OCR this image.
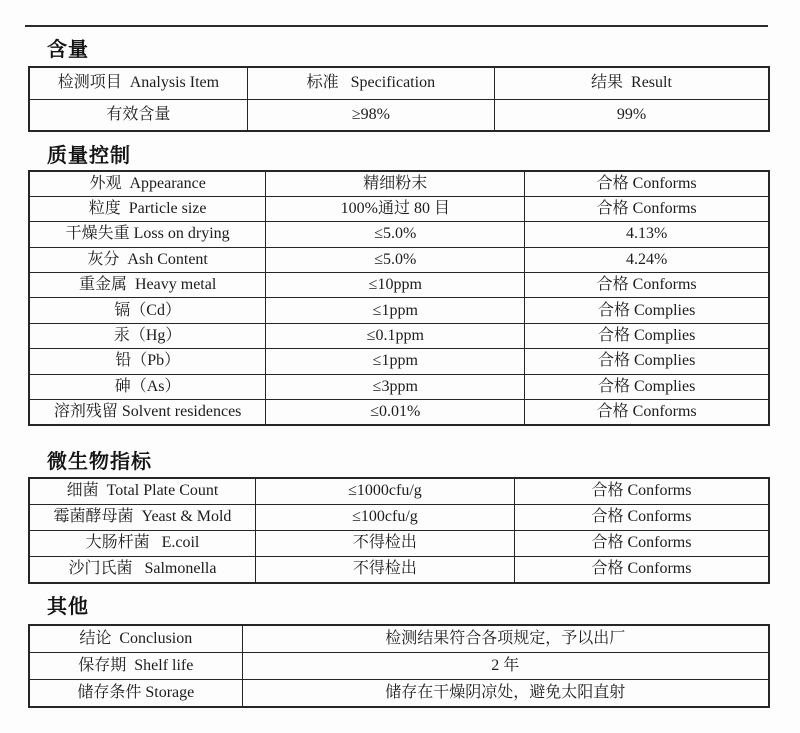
含量
检测项目  Analysis Item	标准   Specification	结果  Result
有效含量	≥98%	99%
质量控制
外观  Appearance	精细粉末	合格 Conforms
粒度  Particle size	100%通过 80 目	合格 Conforms
干燥失重 Loss on drying	≤5.0%	4.13%
灰分  Ash Content	≤5.0%	4.24%
重金属  Heavy metal	≤10ppm	合格 Conforms
镉（Cd）	≤1ppm	合格 Complies
汞（Hg）	≤0.1ppm	合格 Complies
铅（Pb）	≤1ppm	合格 Complies
砷（As）	≤3ppm	合格 Complies
溶剂残留 Solvent residences	≤0.01%	合格 Conforms
微生物指标
细菌  Total Plate Count	≤1000cfu/g	合格 Conforms
霉菌酵母菌  Yeast & Mold	≤100cfu/g	合格 Conforms
大肠杆菌   E.coil	不得检出	合格 Conforms
沙门氏菌   Salmonella	不得检出	合格 Conforms
其他
结论  Conclusion	检测结果符合各项规定，予以出厂
保存期  Shelf life	2 年
储存条件 Storage	储存在干燥阴凉处，避免太阳直射
